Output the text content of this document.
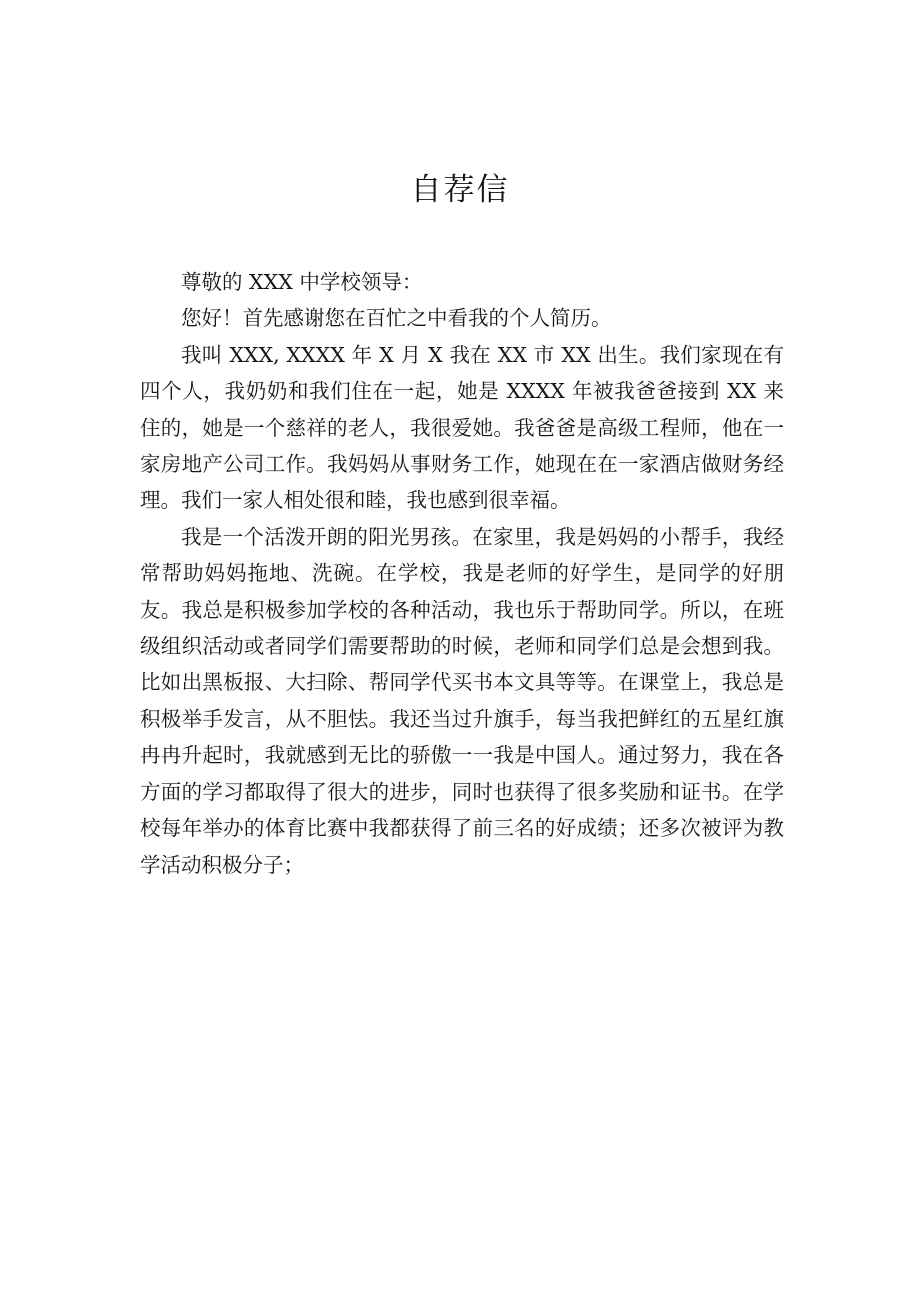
自荐信

尊敬的 XXX 中学校领导：

您好！首先感谢您在百忙之中看我的个人简历。

我叫 XXX, XXXX 年 X 月 X 我在 XX 市 XX 出生。我们家现在有四个人，我奶奶和我们住在一起，她是 XXXX 年被我爸爸接到 XX 来住的，她是一个慈祥的老人，我很爱她。我爸爸是高级工程师，他在一家房地产公司工作。我妈妈从事财务工作，她现在在一家酒店做财务经理。我们一家人相处很和睦，我也感到很幸福。

我是一个活泼开朗的阳光男孩。在家里，我是妈妈的小帮手，我经常帮助妈妈拖地、洗碗。在学校，我是老师的好学生，是同学的好朋友。我总是积极参加学校的各种活动，我也乐于帮助同学。所以，在班级组织活动或者同学们需要帮助的时候，老师和同学们总是会想到我。比如出黑板报、大扫除、帮同学代买书本文具等等。在课堂上，我总是积极举手发言，从不胆怯。我还当过升旗手，每当我把鲜红的五星红旗冉冉升起时，我就感到无比的骄傲一一我是中国人。通过努力，我在各方面的学习都取得了很大的进步，同时也获得了很多奖励和证书。在学校每年举办的体育比赛中我都获得了前三名的好成绩；还多次被评为教学活动积极分子；
